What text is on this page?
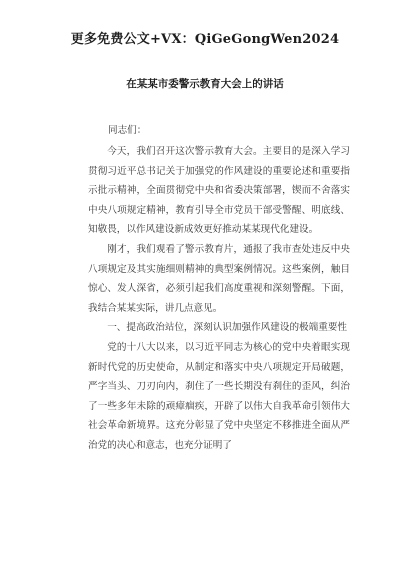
更多免费公文+VX：QiGeGongWen2024
在某某市委警示教育大会上的讲话
同志们：

今天，我们召开这次警示教育大会。主要目的是深入学习贯彻习近平总书记关于加强党的作风建设的重要论述和重要指示批示精神，全面贯彻党中央和省委决策部署，锲而不舍落实中央八项规定精神，教育引导全市党员干部受警醒、明底线、知敬畏，以作风建设新成效更好推动某某现代化建设。

刚才，我们观看了警示教育片，通报了我市查处违反中央八项规定及其实施细则精神的典型案例情况。这些案例，触目惊心、发人深省，必须引起我们高度重视和深刻警醒。下面，我结合某某实际，讲几点意见。

一、提高政治站位，深刻认识加强作风建设的极端重要性

党的十八大以来，以习近平同志为核心的党中央着眼实现新时代党的历史使命，从制定和落实中央八项规定开局破题，严字当头、刀刃向内，刹住了一些长期没有刹住的歪风，纠治了一些多年未除的顽瘴痼疾，开辟了以伟大自我革命引领伟大社会革命新境界。这充分彰显了党中央坚定不移推进全面从严治党的决心和意志，也充分证明了
